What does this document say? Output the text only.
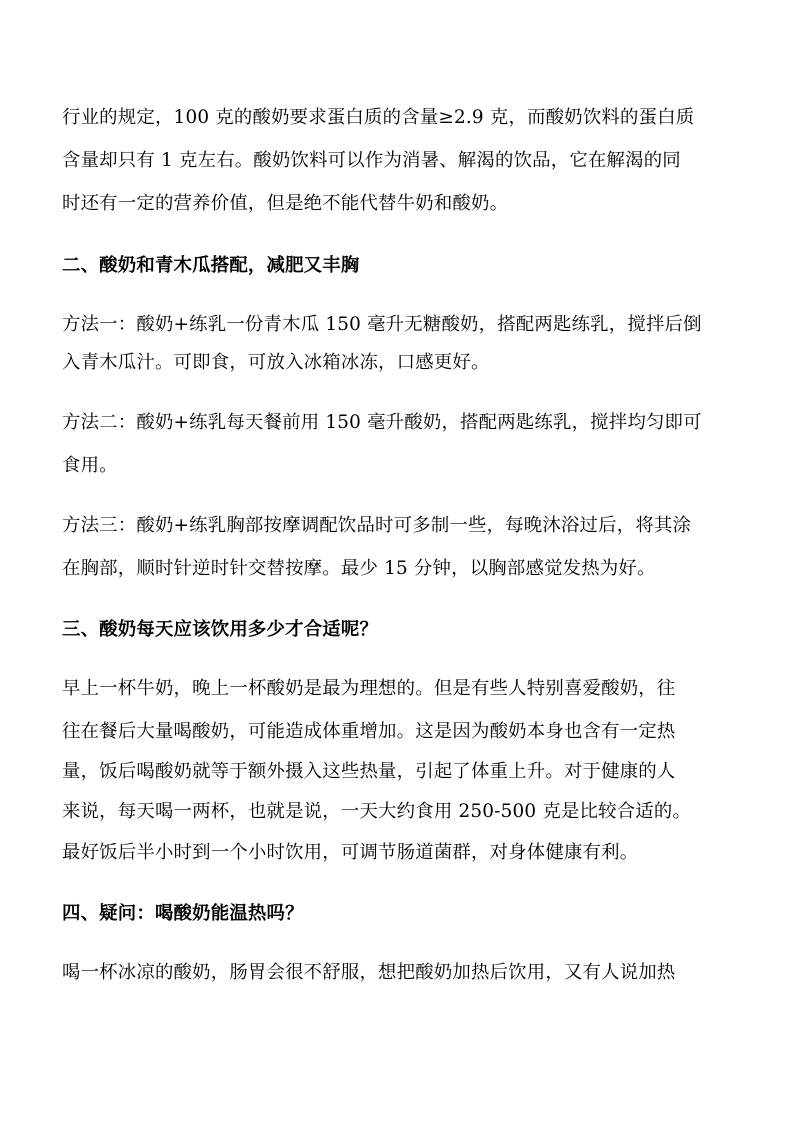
行业的规定，100 克的酸奶要求蛋白质的含量≥2.9 克，而酸奶饮料的蛋白质
含量却只有 1 克左右。酸奶饮料可以作为消暑、解渴的饮品，它在解渴的同
时还有一定的营养价值，但是绝不能代替牛奶和酸奶。
二、酸奶和青木瓜搭配，减肥又丰胸
方法一：酸奶+练乳一份青木瓜 150 毫升无糖酸奶，搭配两匙练乳，搅拌后倒
入青木瓜汁。可即食，可放入冰箱冰冻，口感更好。
方法二：酸奶+练乳每天餐前用 150 毫升酸奶，搭配两匙练乳，搅拌均匀即可
食用。
方法三：酸奶+练乳胸部按摩调配饮品时可多制一些，每晚沐浴过后，将其涂
在胸部，顺时针逆时针交替按摩。最少 15 分钟，以胸部感觉发热为好。
三、酸奶每天应该饮用多少才合适呢？
早上一杯牛奶，晚上一杯酸奶是最为理想的。但是有些人特别喜爱酸奶，往
往在餐后大量喝酸奶，可能造成体重增加。这是因为酸奶本身也含有一定热
量，饭后喝酸奶就等于额外摄入这些热量，引起了体重上升。对于健康的人
来说，每天喝一两杯，也就是说，一天大约食用 250-500 克是比较合适的。
最好饭后半小时到一个小时饮用，可调节肠道菌群，对身体健康有利。
四、疑问：喝酸奶能温热吗？
喝一杯冰凉的酸奶，肠胃会很不舒服，想把酸奶加热后饮用，又有人说加热
